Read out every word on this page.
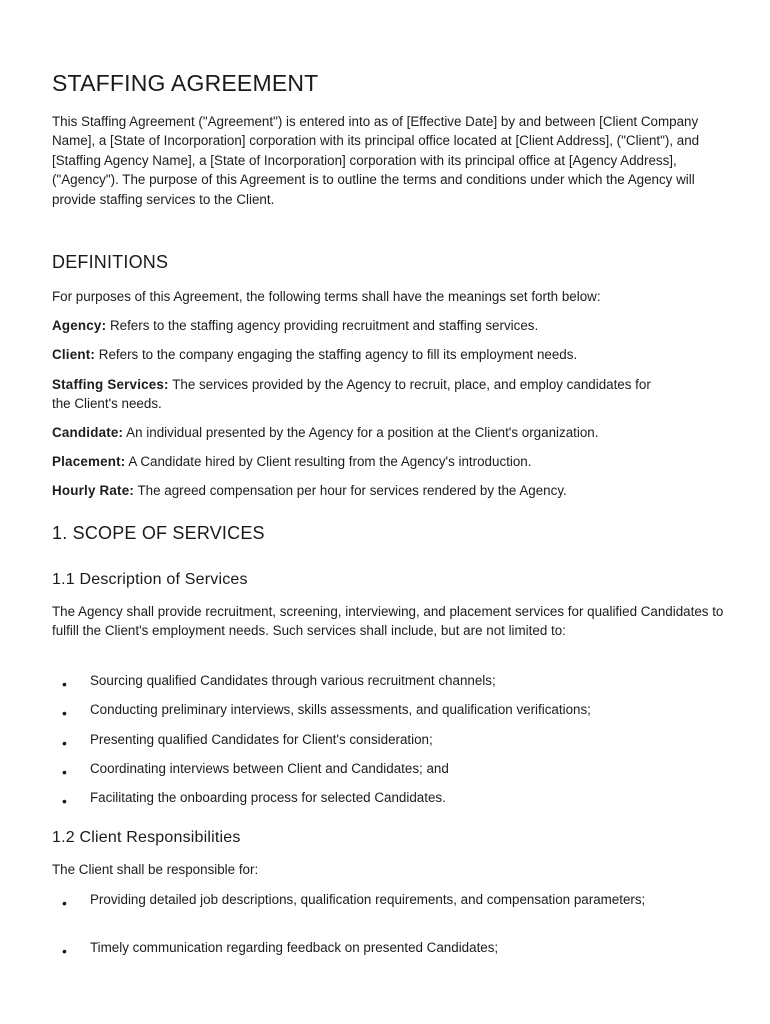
STAFFING AGREEMENT

This Staffing Agreement ("Agreement") is entered into as of [Effective Date] by and between [Client Company Name], a [State of Incorporation] corporation with its principal office located at [Client Address], ("Client"), and [Staffing Agency Name], a [State of Incorporation] corporation with its principal office at [Agency Address], ("Agency"). The purpose of this Agreement is to outline the terms and conditions under which the Agency will provide staffing services to the Client.

DEFINITIONS

For purposes of this Agreement, the following terms shall have the meanings set forth below:

Agency: Refers to the staffing agency providing recruitment and staffing services.

Client: Refers to the company engaging the staffing agency to fill its employment needs.

Staffing Services: The services provided by the Agency to recruit, place, and employ candidates for the Client's needs.

Candidate: An individual presented by the Agency for a position at the Client's organization.

Placement: A Candidate hired by Client resulting from the Agency's introduction.

Hourly Rate: The agreed compensation per hour for services rendered by the Agency.

1. SCOPE OF SERVICES
1.1 Description of Services

The Agency shall provide recruitment, screening, interviewing, and placement services for qualified Candidates to fulfill the Client's employment needs. Such services shall include, but are not limited to:

• Sourcing qualified Candidates through various recruitment channels;
• Conducting preliminary interviews, skills assessments, and qualification verifications;
• Presenting qualified Candidates for Client's consideration;
• Coordinating interviews between Client and Candidates; and
• Facilitating the onboarding process for selected Candidates.
1.2 Client Responsibilities

The Client shall be responsible for:

• Providing detailed job descriptions, qualification requirements, and compensation parameters;
• Timely communication regarding feedback on presented Candidates;
